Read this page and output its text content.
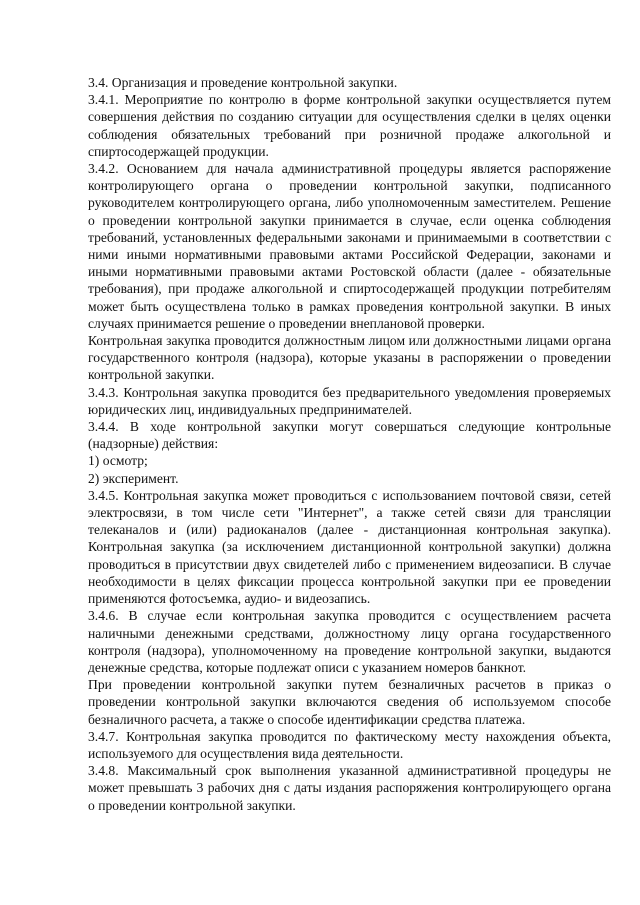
3.4. Организация и проведение контрольной закупки.

3.4.1. Мероприятие по контролю в форме контрольной закупки осуществляется путем совершения действия по созданию ситуации для осуществления сделки в целях оценки соблюдения обязательных требований при розничной продаже алкогольной и спиртосодержащей продукции.

3.4.2. Основанием для начала административной процедуры является распоряжение контролирующего органа о проведении контрольной закупки, подписанного руководителем контролирующего органа, либо уполномоченным заместителем. Решение о проведении контрольной закупки принимается в случае, если оценка соблюдения требований, установленных федеральными законами и принимаемыми в соответствии с ними иными нормативными правовыми актами Российской Федерации, законами и иными нормативными правовыми актами Ростовской области (далее - обязательные требования), при продаже алкогольной и спиртосодержащей продукции потребителям может быть осуществлена только в рамках проведения контрольной закупки. В иных случаях принимается решение о проведении внеплановой проверки.

Контрольная закупка проводится должностным лицом или должностными лицами органа государственного контроля (надзора), которые указаны в распоряжении о проведении контрольной закупки.

3.4.3. Контрольная закупка проводится без предварительного уведомления проверяемых юридических лиц, индивидуальных предпринимателей.

3.4.4. В ходе контрольной закупки могут совершаться следующие контрольные (надзорные) действия:

1) осмотр;

2) эксперимент.

3.4.5. Контрольная закупка может проводиться с использованием почтовой связи, сетей электросвязи, в том числе сети "Интернет", а также сетей связи для трансляции телеканалов и (или) радиоканалов (далее - дистанционная контрольная закупка). Контрольная закупка (за исключением дистанционной контрольной закупки) должна проводиться в присутствии двух свидетелей либо с применением видеозаписи. В случае необходимости в целях фиксации процесса контрольной закупки при ее проведении применяются фотосъемка, аудио- и видеозапись.

3.4.6. В случае если контрольная закупка проводится с осуществлением расчета наличными денежными средствами, должностному лицу органа государственного контроля (надзора), уполномоченному на проведение контрольной закупки, выдаются денежные средства, которые подлежат описи с указанием номеров банкнот.

При проведении контрольной закупки путем безналичных расчетов в приказ о проведении контрольной закупки включаются сведения об используемом способе безналичного расчета, а также о способе идентификации средства платежа.

3.4.7. Контрольная закупка проводится по фактическому месту нахождения объекта, используемого для осуществления вида деятельности.

3.4.8. Максимальный срок выполнения указанной административной процедуры не может превышать 3 рабочих дня с даты издания распоряжения контролирующего органа о проведении контрольной закупки.
